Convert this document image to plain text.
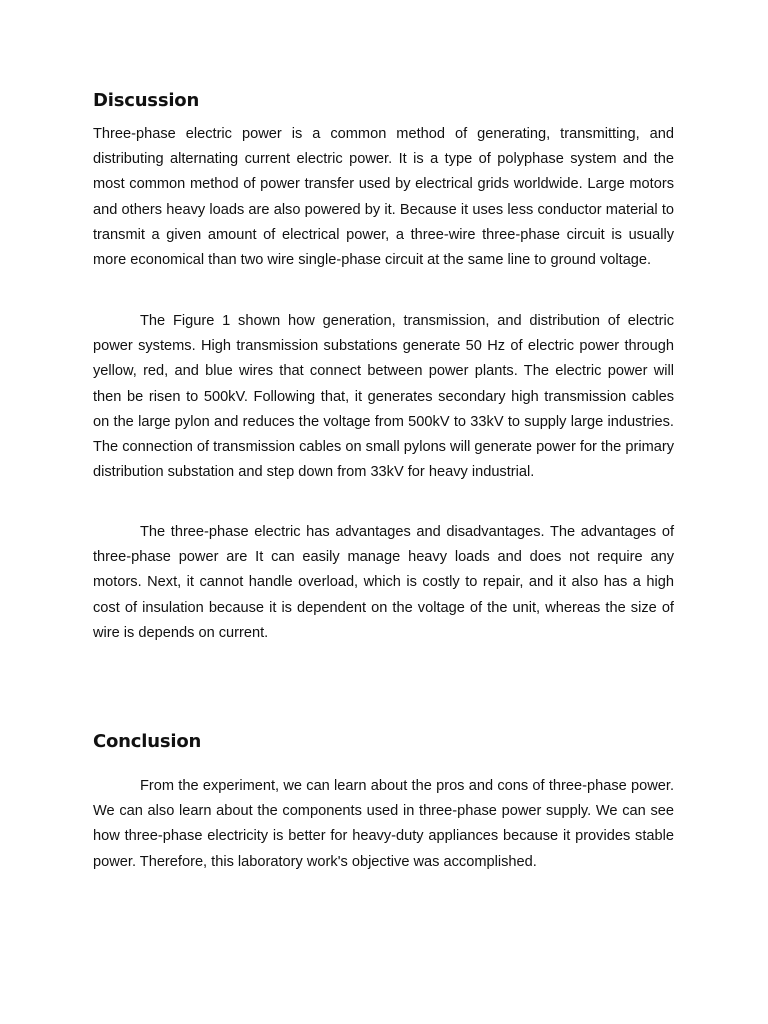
Discussion

Three-phase electric power is a common method of generating, transmitting, and distributing alternating current electric power. It is a type of polyphase system and the most common method of power transfer used by electrical grids worldwide. Large motors and others heavy loads are also powered by it. Because it uses less conductor material to transmit a given amount of electrical power, a three-wire three-phase circuit is usually more economical than two wire single-phase circuit at the same line to ground voltage.

The Figure 1 shown how generation, transmission, and distribution of electric power systems. High transmission substations generate 50 Hz of electric power through yellow, red, and blue wires that connect between power plants. The electric power will then be risen to 500kV. Following that, it generates secondary high transmission cables on the large pylon and reduces the voltage from 500kV to 33kV to supply large industries. The connection of transmission cables on small pylons will generate power for the primary distribution substation and step down from 33kV for heavy industrial.

The three-phase electric has advantages and disadvantages. The advantages of three-phase power are It can easily manage heavy loads and does not require any motors. Next, it cannot handle overload, which is costly to repair, and it also has a high cost of insulation because it is dependent on the voltage of the unit, whereas the size of wire is depends on current.

Conclusion

From the experiment, we can learn about the pros and cons of three-phase power. We can also learn about the components used in three-phase power supply. We can see how three-phase electricity is better for heavy-duty appliances because it provides stable power. Therefore, this laboratory work's objective was accomplished.
